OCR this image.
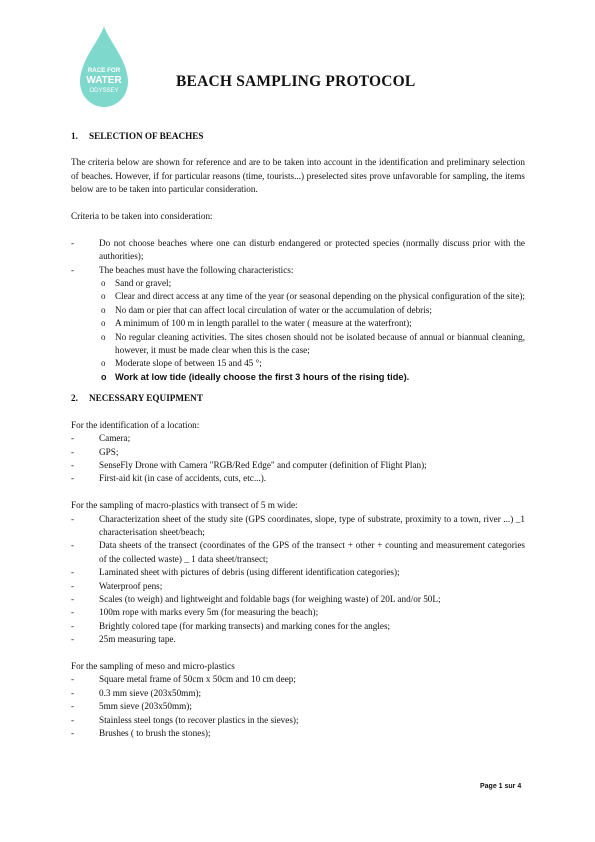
RACE FOR
WATER
ODYSSEY
BEACH SAMPLING PROTOCOL
1. SELECTION OF BEACHES

The criteria below are shown for reference and are to be taken into account in the identification and preliminary selection of beaches. However, if for particular reasons (time, tourists...) preselected sites prove unfavorable for sampling, the items below are to be taken into particular consideration.

Criteria to be taken into consideration:

- Do not choose beaches where one can disturb endangered or protected species (normally discuss prior with the authorities);
- The beaches must have the following characteristics:
o Sand or gravel;
o Clear and direct access at any time of the year (or seasonal depending on the physical configuration of the site);
o No dam or pier that can affect local circulation of water or the accumulation of debris;
o A minimum of 100 m in length parallel to the water ( measure at the waterfront);
o No regular cleaning activities. The sites chosen should not be isolated because of annual or biannual cleaning, however, it must be made clear when this is the case;
o Moderate slope of between 15 and 45 °;
o Work at low tide (ideally choose the first 3 hours of the rising tide).
2. NECESSARY EQUIPMENT

For the identification of a location:

- Camera;
- GPS;
- SenseFly Drone with Camera "RGB/Red Edge" and computer (definition of Flight Plan);
- First-aid kit (in case of accidents, cuts, etc...).

For the sampling of macro-plastics with transect of 5 m wide:

- Characterization sheet of the study site (GPS coordinates, slope, type of substrate, proximity to a town, river ...) _1 characterisation sheet/beach;
- Data sheets of the transect (coordinates of the GPS of the transect + other + counting and measurement categories of the collected waste) _ 1 data sheet/transect;
- Laminated sheet with pictures of debris (using different identification categories);
- Waterproof pens;
- Scales (to weigh) and lightweight and foldable bags (for weighing waste) of 20L and/or 50L;
- 100m rope with marks every 5m (for measuring the beach);
- Brightly colored tape (for marking transects) and marking cones for the angles;
- 25m measuring tape.

For the sampling of meso and micro-plastics

- Square metal frame of 50cm x 50cm and 10 cm deep;
- 0.3 mm sieve (203x50mm);
- 5mm sieve (203x50mm);
- Stainless steel tongs (to recover plastics in the sieves);
- Brushes ( to brush the stones);
Page 1 sur 4
